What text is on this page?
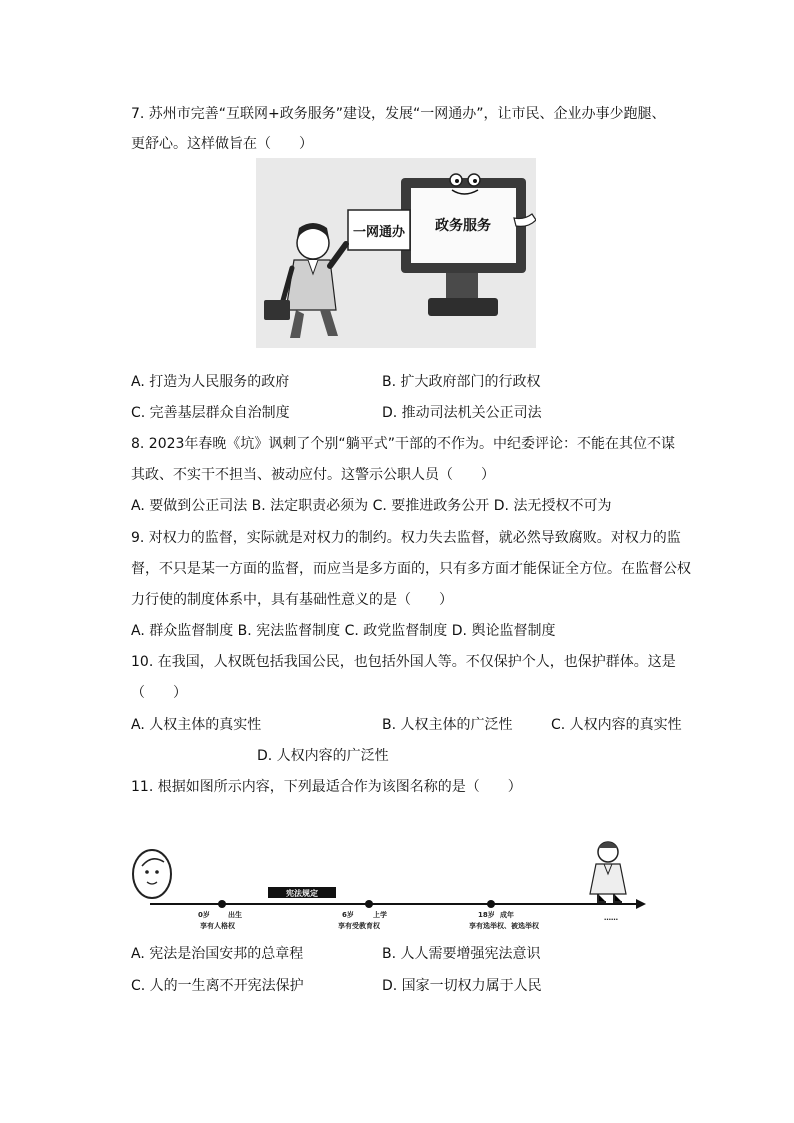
7. 苏州市完善“互联网+政务服务”建设，发展“一网通办”，让市民、企业办事少跑腿、
更舒心。这样做旨在（　　）
政务服务
一网通办
A. 打造为人民服务的政府	B. 扩大政府部门的行政权
C. 完善基层群众自治制度	D. 推动司法机关公正司法
8. 2023年春晚《坑》讽刺了个别“躺平式”干部的不作为。中纪委评论：不能在其位不谋
其政、不实干不担当、被动应付。这警示公职人员（　　）
A. 要做到公正司法 B. 法定职责必须为 C. 要推进政务公开 D. 法无授权不可为
9. 对权力的监督，实际就是对权力的制约。权力失去监督，就必然导致腐败。对权力的监
督，不只是某一方面的监督，而应当是多方面的，只有多方面才能保证全方位。在监督公权
力行使的制度体系中，具有基础性意义的是（　　）
A. 群众监督制度 B. 宪法监督制度 C. 政党监督制度 D. 舆论监督制度
10. 在我国，人权既包括我国公民，也包括外国人等。不仅保护个人，也保护群体。这是
（　　）
A. 人权主体的真实性	B. 人权主体的广泛性	C. 人权内容的真实性
D. 人权内容的广泛性
11. 根据如图所示内容，下列最适合作为该图名称的是（　　）
宪法规定
0岁	出生
享有人格权
6岁	上学
享有受教育权
18岁 成年
享有选举权、被选举权
……
A. 宪法是治国安邦的总章程	B. 人人需要增强宪法意识
C. 人的一生离不开宪法保护	D. 国家一切权力属于人民
